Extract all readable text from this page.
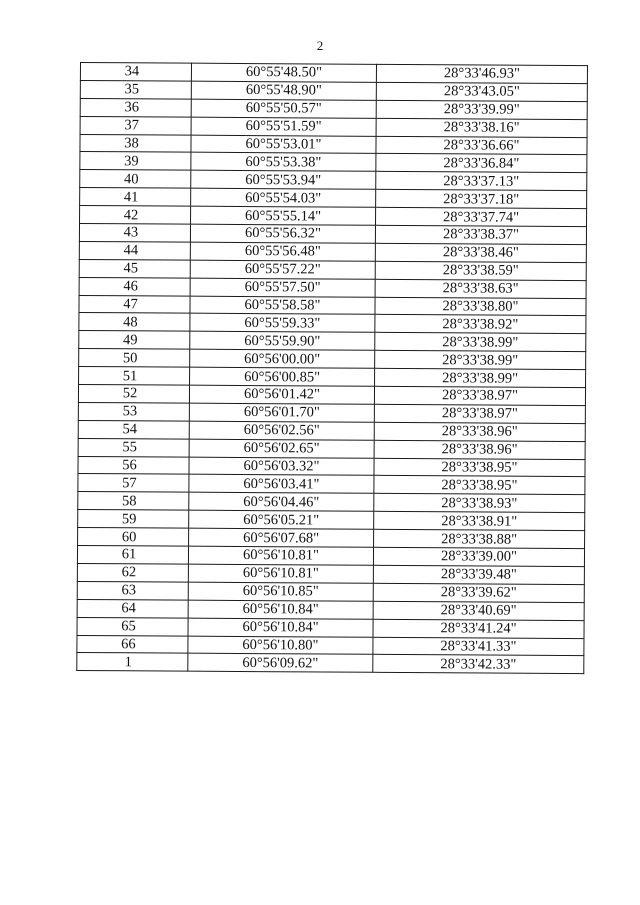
2
34	60°55'48.50"	28°33'46.93"
35	60°55'48.90"	28°33'43.05"
36	60°55'50.57"	28°33'39.99"
37	60°55'51.59"	28°33'38.16"
38	60°55'53.01"	28°33'36.66"
39	60°55'53.38"	28°33'36.84"
40	60°55'53.94"	28°33'37.13"
41	60°55'54.03"	28°33'37.18"
42	60°55'55.14"	28°33'37.74"
43	60°55'56.32"	28°33'38.37"
44	60°55'56.48"	28°33'38.46"
45	60°55'57.22"	28°33'38.59"
46	60°55'57.50"	28°33'38.63"
47	60°55'58.58"	28°33'38.80"
48	60°55'59.33"	28°33'38.92"
49	60°55'59.90"	28°33'38.99"
50	60°56'00.00"	28°33'38.99"
51	60°56'00.85"	28°33'38.99"
52	60°56'01.42"	28°33'38.97"
53	60°56'01.70"	28°33'38.97"
54	60°56'02.56"	28°33'38.96"
55	60°56'02.65"	28°33'38.96"
56	60°56'03.32"	28°33'38.95"
57	60°56'03.41"	28°33'38.95"
58	60°56'04.46"	28°33'38.93"
59	60°56'05.21"	28°33'38.91"
60	60°56'07.68"	28°33'38.88"
61	60°56'10.81"	28°33'39.00"
62	60°56'10.81"	28°33'39.48"
63	60°56'10.85"	28°33'39.62"
64	60°56'10.84"	28°33'40.69"
65	60°56'10.84"	28°33'41.24"
66	60°56'10.80"	28°33'41.33"
1	60°56'09.62"	28°33'42.33"
